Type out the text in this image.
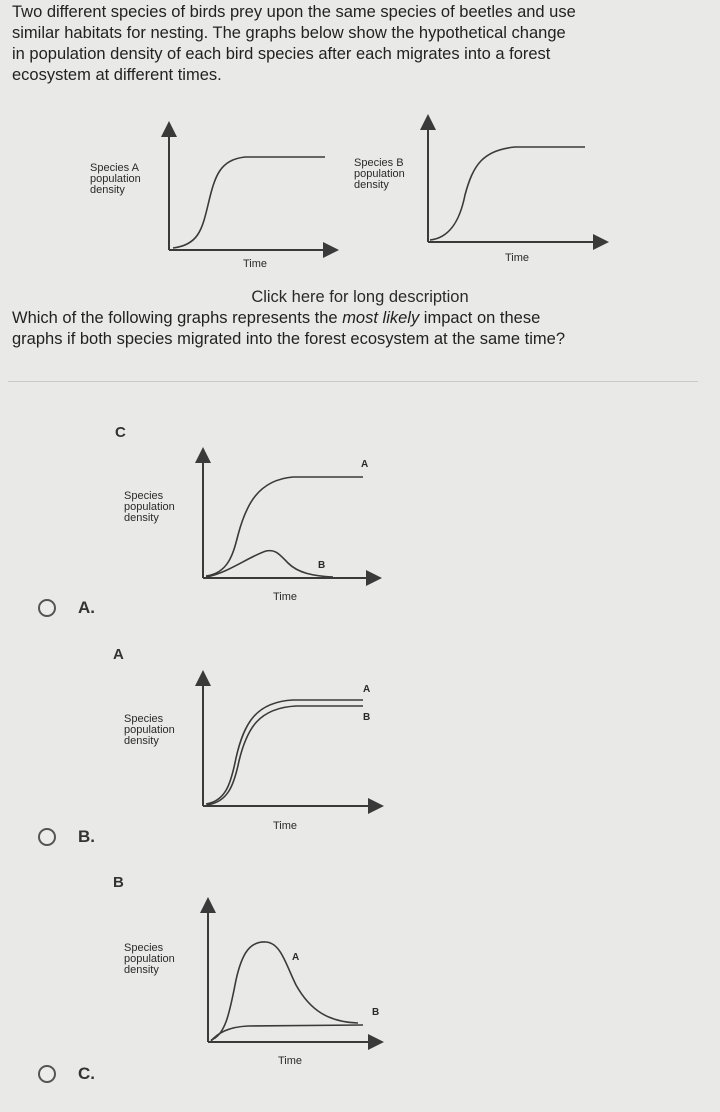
Two different species of birds prey upon the same species of beetles and use
similar habitats for nesting. The graphs below show the hypothetical change
in population density of each bird species after each migrates into a forest
ecosystem at different times.
Species A
population
density
Time
Species B
population
density
Time
Click here for long description
Which of the following graphs represents the most likely impact on these
graphs if both species migrated into the forest ecosystem at the same time?
C
Species
population
density
A
B
Time
A.
A
Species
population
density
A
B
Time
B.
B
Species
population
density
A
B
Time
C.
